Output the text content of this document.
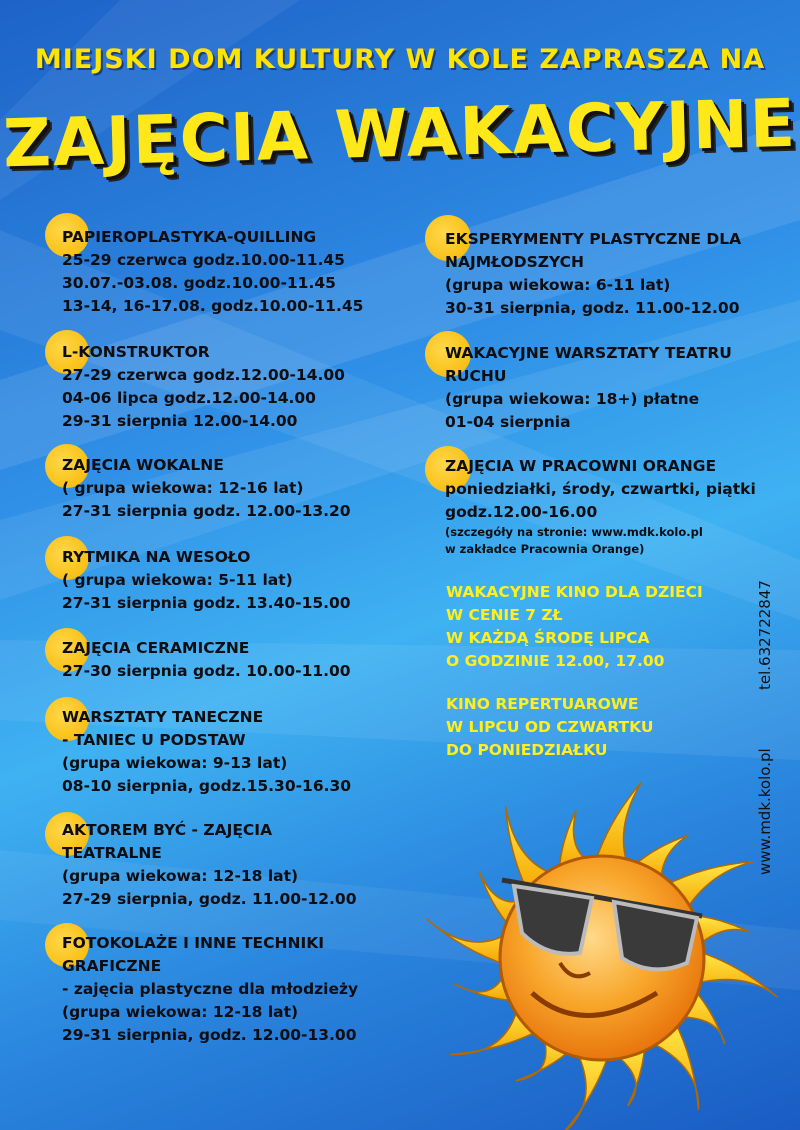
MIEJSKI DOM KULTURY W KOLE ZAPRASZA NA
ZAJĘCIA WAKACYJNE
PAPIEROPLASTYKA-QUILLING
25-29 czerwca godz.10.00-11.45
30.07.-03.08. godz.10.00-11.45
13-14, 16-17.08. godz.10.00-11.45
L-KONSTRUKTOR
27-29 czerwca godz.12.00-14.00
04-06 lipca godz.12.00-14.00
29-31 sierpnia 12.00-14.00
ZAJĘCIA WOKALNE
( grupa wiekowa: 12-16 lat)
27-31 sierpnia godz. 12.00-13.20
RYTMIKA NA WESOŁO
( grupa wiekowa: 5-11 lat)
27-31 sierpnia godz. 13.40-15.00
ZAJĘCIA CERAMICZNE
27-30 sierpnia godz. 10.00-11.00
WARSZTATY TANECZNE
- TANIEC U PODSTAW
(grupa wiekowa: 9-13 lat)
08-10 sierpnia, godz.15.30-16.30
AKTOREM BYĆ - ZAJĘCIA
TEATRALNE
(grupa wiekowa: 12-18 lat)
27-29 sierpnia, godz. 11.00-12.00
FOTOKOLAŻE I INNE TECHNIKI
GRAFICZNE
- zajęcia plastyczne dla młodzieży
(grupa wiekowa: 12-18 lat)
29-31 sierpnia, godz. 12.00-13.00
EKSPERYMENTY PLASTYCZNE DLA
NAJMŁODSZYCH
(grupa wiekowa: 6-11 lat)
30-31 sierpnia, godz. 11.00-12.00
WAKACYJNE WARSZTATY TEATRU
RUCHU
(grupa wiekowa: 18+) płatne
01-04 sierpnia
ZAJĘCIA W PRACOWNI ORANGE
poniedziałki, środy, czwartki, piątki
godz.12.00-16.00
(szczegóły na stronie: www.mdk.kolo.pl
w zakładce Pracownia Orange)
WAKACYJNE KINO DLA DZIECI
W CENIE 7 ZŁ
W KAŻDĄ ŚRODĘ LIPCA
O GODZINIE 12.00, 17.00
KINO REPERTUAROWE
W LIPCU OD CZWARTKU
DO PONIEDZIAŁKU
tel.632722847
www.mdk.kolo.pl
